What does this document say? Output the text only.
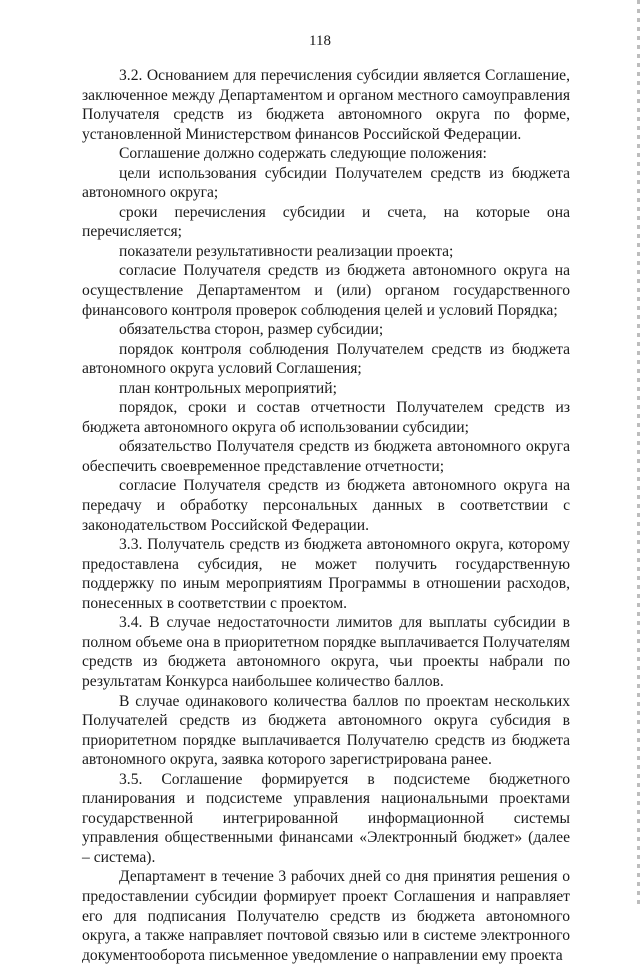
118

3.2. Основанием для перечисления субсидии является Соглашение, заключенное между Департаментом и органом местного самоуправления Получателя средств из бюджета автономного округа по форме, установленной Министерством финансов Российской Федерации.

Соглашение должно содержать следующие положения:

цели использования субсидии Получателем средств из бюджета автономного округа;

сроки перечисления субсидии и счета, на которые она перечисляется;

показатели результативности реализации проекта;

согласие Получателя средств из бюджета автономного округа на осуществление Департаментом и (или) органом государственного финансового контроля проверок соблюдения целей и условий Порядка;

обязательства сторон, размер субсидии;

порядок контроля соблюдения Получателем средств из бюджета автономного округа условий Соглашения;

план контрольных мероприятий;

порядок, сроки и состав отчетности Получателем средств из бюджета автономного округа об использовании субсидии;

обязательство Получателя средств из бюджета автономного округа обеспечить своевременное представление отчетности;

согласие Получателя средств из бюджета автономного округа на передачу и обработку персональных данных в соответствии с законодательством Российской Федерации.

3.3. Получатель средств из бюджета автономного округа, которому предоставлена субсидия, не может получить государственную поддержку по иным мероприятиям Программы в отношении расходов, понесенных в соответствии с проектом.

3.4. В случае недостаточности лимитов для выплаты субсидии в полном объеме она в приоритетном порядке выплачивается Получателям средств из бюджета автономного округа, чьи проекты набрали по результатам Конкурса наибольшее количество баллов.

В случае одинакового количества баллов по проектам нескольких Получателей средств из бюджета автономного округа субсидия в приоритетном порядке выплачивается Получателю средств из бюджета автономного округа, заявка которого зарегистрирована ранее.

3.5. Соглашение формируется в подсистеме бюджетного планирования и подсистеме управления национальными проектами государственной интегрированной информационной системы управления общественными финансами «Электронный бюджет» (далее – система).

Департамент в течение 3 рабочих дней со дня принятия решения о предоставлении субсидии формирует проект Соглашения и направляет его для подписания Получателю средств из бюджета автономного округа, а также направляет почтовой связью или в системе электронного документооборота письменное уведомление о направлении ему проекта
